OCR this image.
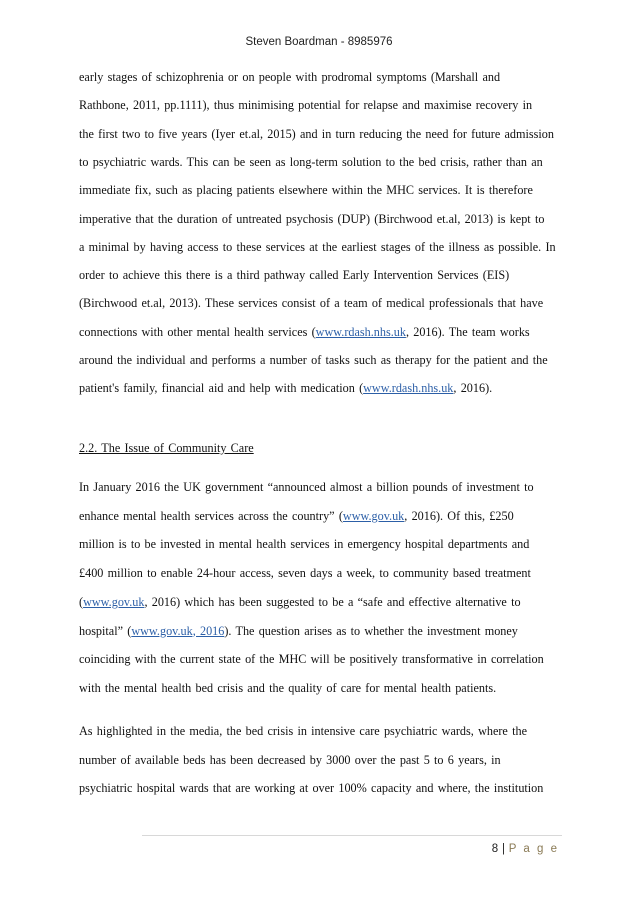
Steven Boardman - 8985976
early stages of schizophrenia or on people with prodromal symptoms (Marshall and
Rathbone, 2011, pp.1111), thus minimising potential for relapse and maximise recovery in
the first two to five years (Iyer et.al, 2015) and in turn reducing the need for future admission
to psychiatric wards. This can be seen as long-term solution to the bed crisis, rather than an
immediate fix, such as placing patients elsewhere within the MHC services. It is therefore
imperative that the duration of untreated psychosis (DUP) (Birchwood et.al, 2013) is kept to
a minimal by having access to these services at the earliest stages of the illness as possible. In
order to achieve this there is a third pathway called Early Intervention Services (EIS)
(Birchwood et.al, 2013). These services consist of a team of medical professionals that have
connections with other mental health services (www.rdash.nhs.uk, 2016). The team works
around the individual and performs a number of tasks such as therapy for the patient and the
patient's family, financial aid and help with medication (www.rdash.nhs.uk, 2016).
2.2. The Issue of Community Care
In January 2016 the UK government “announced almost a billion pounds of investment to
enhance mental health services across the country” (www.gov.uk, 2016). Of this, £250
million is to be invested in mental health services in emergency hospital departments and
£400 million to enable 24-hour access, seven days a week, to community based treatment
(www.gov.uk, 2016) which has been suggested to be a “safe and effective alternative to
hospital” (www.gov.uk, 2016). The question arises as to whether the investment money
coinciding with the current state of the MHC will be positively transformative in correlation
with the mental health bed crisis and the quality of care for mental health patients.
As highlighted in the media, the bed crisis in intensive care psychiatric wards, where the
number of available beds has been decreased by 3000 over the past 5 to 6 years, in
psychiatric hospital wards that are working at over 100% capacity and where, the institution
8 | P a g e
